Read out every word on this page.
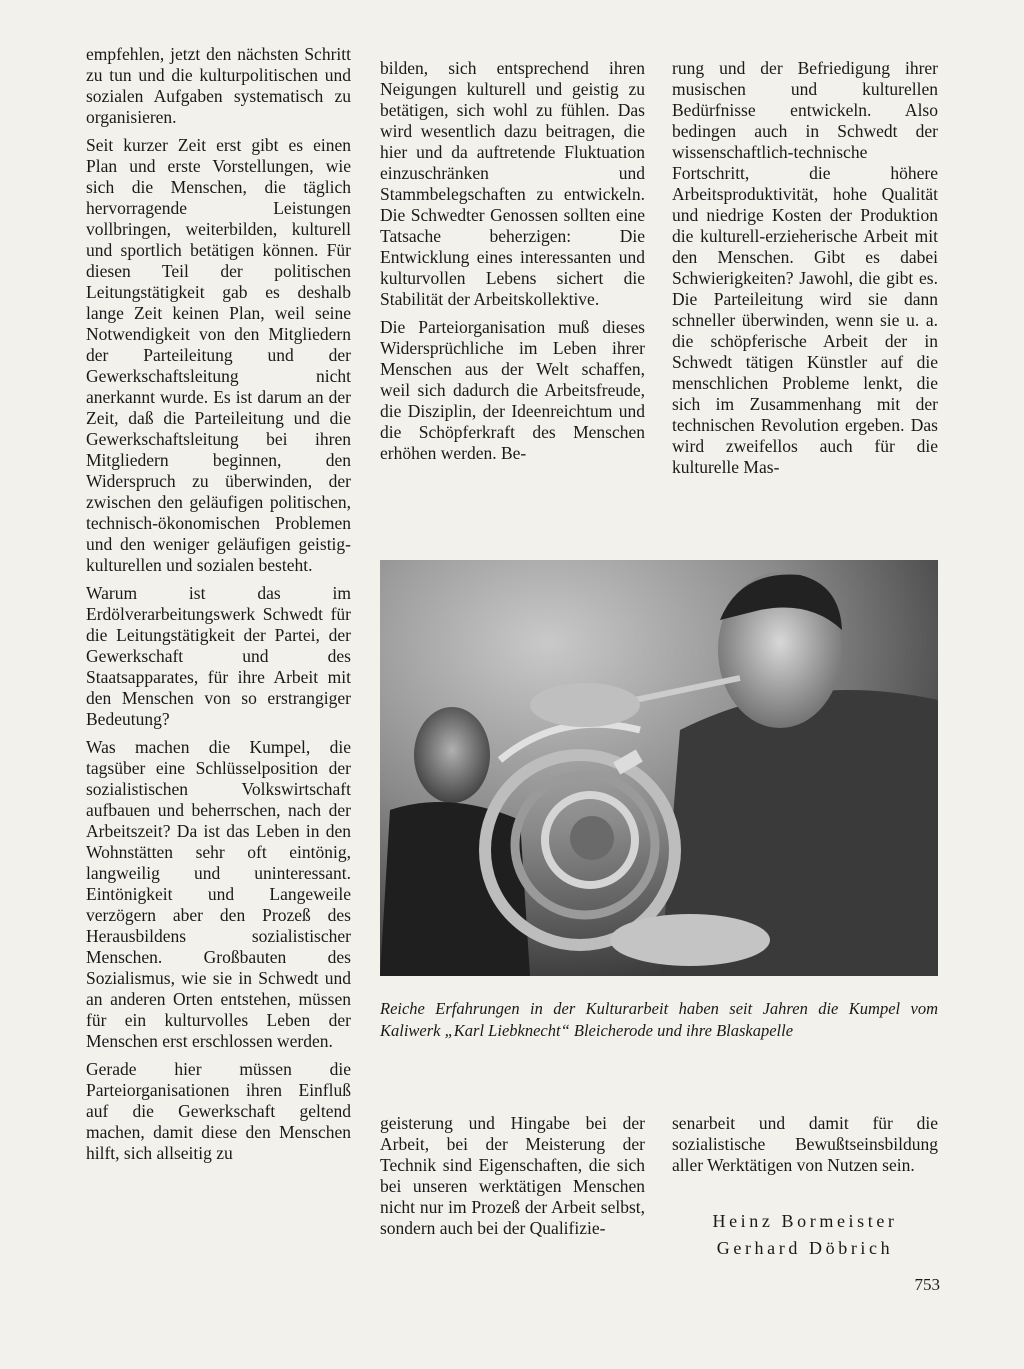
empfehlen, jetzt den nächsten Schritt zu tun und die kulturpolitischen und sozialen Aufgaben systematisch zu organisieren.

Seit kurzer Zeit erst gibt es einen Plan und erste Vorstellungen, wie sich die Menschen, die täglich hervorragende Leistungen vollbringen, weiterbilden, kulturell und sportlich betätigen können. Für diesen Teil der politischen Leitungstätigkeit gab es deshalb lange Zeit keinen Plan, weil seine Notwendigkeit von den Mitgliedern der Parteileitung und der Gewerkschaftsleitung nicht anerkannt wurde. Es ist darum an der Zeit, daß die Parteileitung und die Gewerkschaftsleitung bei ihren Mitgliedern beginnen, den Widerspruch zu überwinden, der zwischen den geläufigen politischen, technisch-ökonomischen Problemen und den weniger geläufigen geistig-kulturellen und sozialen besteht.

Warum ist das im Erdölverarbeitungswerk Schwedt für die Leitungstätigkeit der Partei, der Gewerkschaft und des Staatsapparates, für ihre Arbeit mit den Menschen von so erstrangiger Bedeutung?

Was machen die Kumpel, die tagsüber eine Schlüsselposition der sozialistischen Volkswirtschaft aufbauen und beherrschen, nach der Arbeitszeit? Da ist das Leben in den Wohnstätten sehr oft eintönig, langweilig und uninteressant. Eintönigkeit und Langeweile verzögern aber den Prozeß des Herausbildens sozialistischer Menschen. Großbauten des Sozialismus, wie sie in Schwedt und an anderen Orten entstehen, müssen für ein kulturvolles Leben der Menschen erst erschlossen werden.

Gerade hier müssen die Parteiorganisationen ihren Einfluß auf die Gewerkschaft geltend machen, damit diese den Menschen hilft, sich allseitig zu

bilden, sich entsprechend ihren Neigungen kulturell und geistig zu betätigen, sich wohl zu fühlen. Das wird wesentlich dazu beitragen, die hier und da auftretende Fluktuation einzuschränken und Stammbelegschaften zu entwickeln. Die Schwedter Genossen sollten eine Tatsache beherzigen: Die Entwicklung eines interessanten und kulturvollen Lebens sichert die Stabilität der Arbeitskollektive.

Die Parteiorganisation muß dieses Widersprüchliche im Leben ihrer Menschen aus der Welt schaffen, weil sich dadurch die Arbeitsfreude, die Disziplin, der Ideenreichtum und die Schöpferkraft des Menschen erhöhen werden. Be-

rung und der Befriedigung ihrer musischen und kulturellen Bedürfnisse entwickeln. Also bedingen auch in Schwedt der wissenschaftlich-technische Fortschritt, die höhere Arbeitsproduktivität, hohe Qualität und niedrige Kosten der Produktion die kulturell-erzieherische Arbeit mit den Menschen. Gibt es dabei Schwierigkeiten? Jawohl, die gibt es. Die Parteileitung wird sie dann schneller überwinden, wenn sie u. a. die schöpferische Arbeit der in Schwedt tätigen Künstler auf die menschlichen Probleme lenkt, die sich im Zusammenhang mit der technischen Revolution ergeben. Das wird zweifellos auch für die kulturelle Mas-

Reiche Erfahrungen in der Kulturarbeit haben seit Jahren die Kumpel vom Kaliwerk „Karl Liebknecht“ Bleicherode und ihre Blaskapelle

geisterung und Hingabe bei der Arbeit, bei der Meisterung der Technik sind Eigenschaften, die sich bei unseren werktätigen Menschen nicht nur im Prozeß der Arbeit selbst, sondern auch bei der Qualifizie-

senarbeit und damit für die sozialistische Bewußtseinsbildung aller Werktätigen von Nutzen sein.

Heinz Bormeister
Gerhard Döbrich
753
